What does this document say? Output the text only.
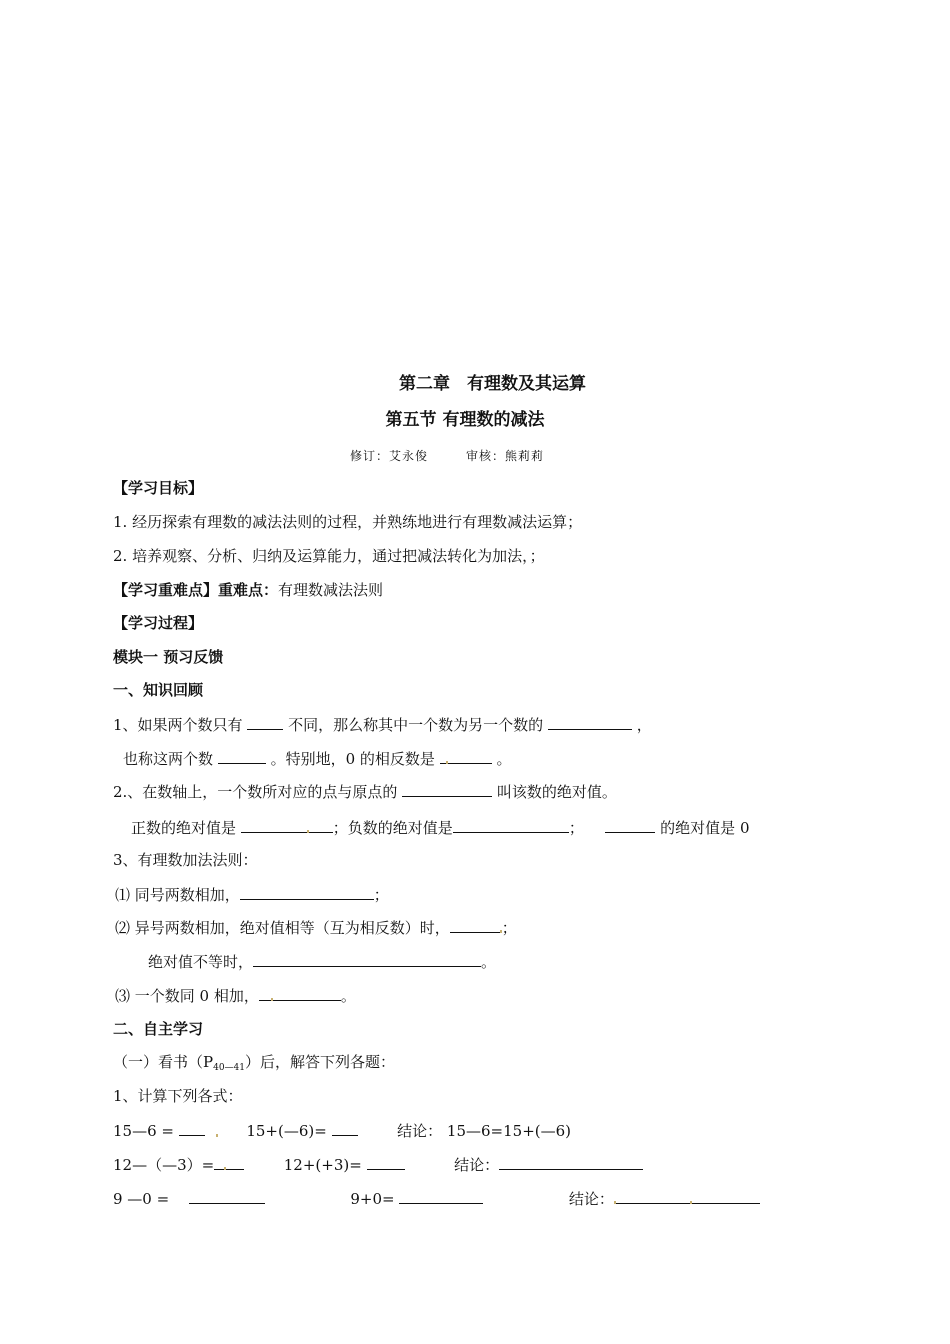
第二章　有理数及其运算
第五节 有理数的减法
修订：艾永俊	审核：熊莉莉
【学习目标】
1. 经历探索有理数的减法法则的过程，并熟练地进行有理数减法运算；
2. 培养观察、分析、归纳及运算能力，通过把减法转化为加法，；
【学习重难点】重难点：有理数减法法则
【学习过程】
模块一 预习反馈
一、知识回顾
1、如果两个数只有	不同，那么称其中一个数为另一个数的	，
也称这两个数	。特别地，0 的相反数是	。
2.、在数轴上，一个数所对应的点与原点的	叫该数的绝对值。
正数的绝对值是	；负数的绝对值是	；	的绝对值是 0
3、有理数加法法则：
⑴ 同号两数相加，	；
⑵ 异号两数相加，绝对值相等（互为相反数）时，	；
绝对值不等时，	。
⑶ 一个数同 0 相加，	。
二、自主学习
（一）看书$(P_{40—41})$后，解答下列各题：
1、计算下列各式：
15—6 =	15+(—6)=	结论： 15—6=15+(—6)
12—（—3）=	12+(+3)=	结论：
9 —0 =	9+0=	结论：
